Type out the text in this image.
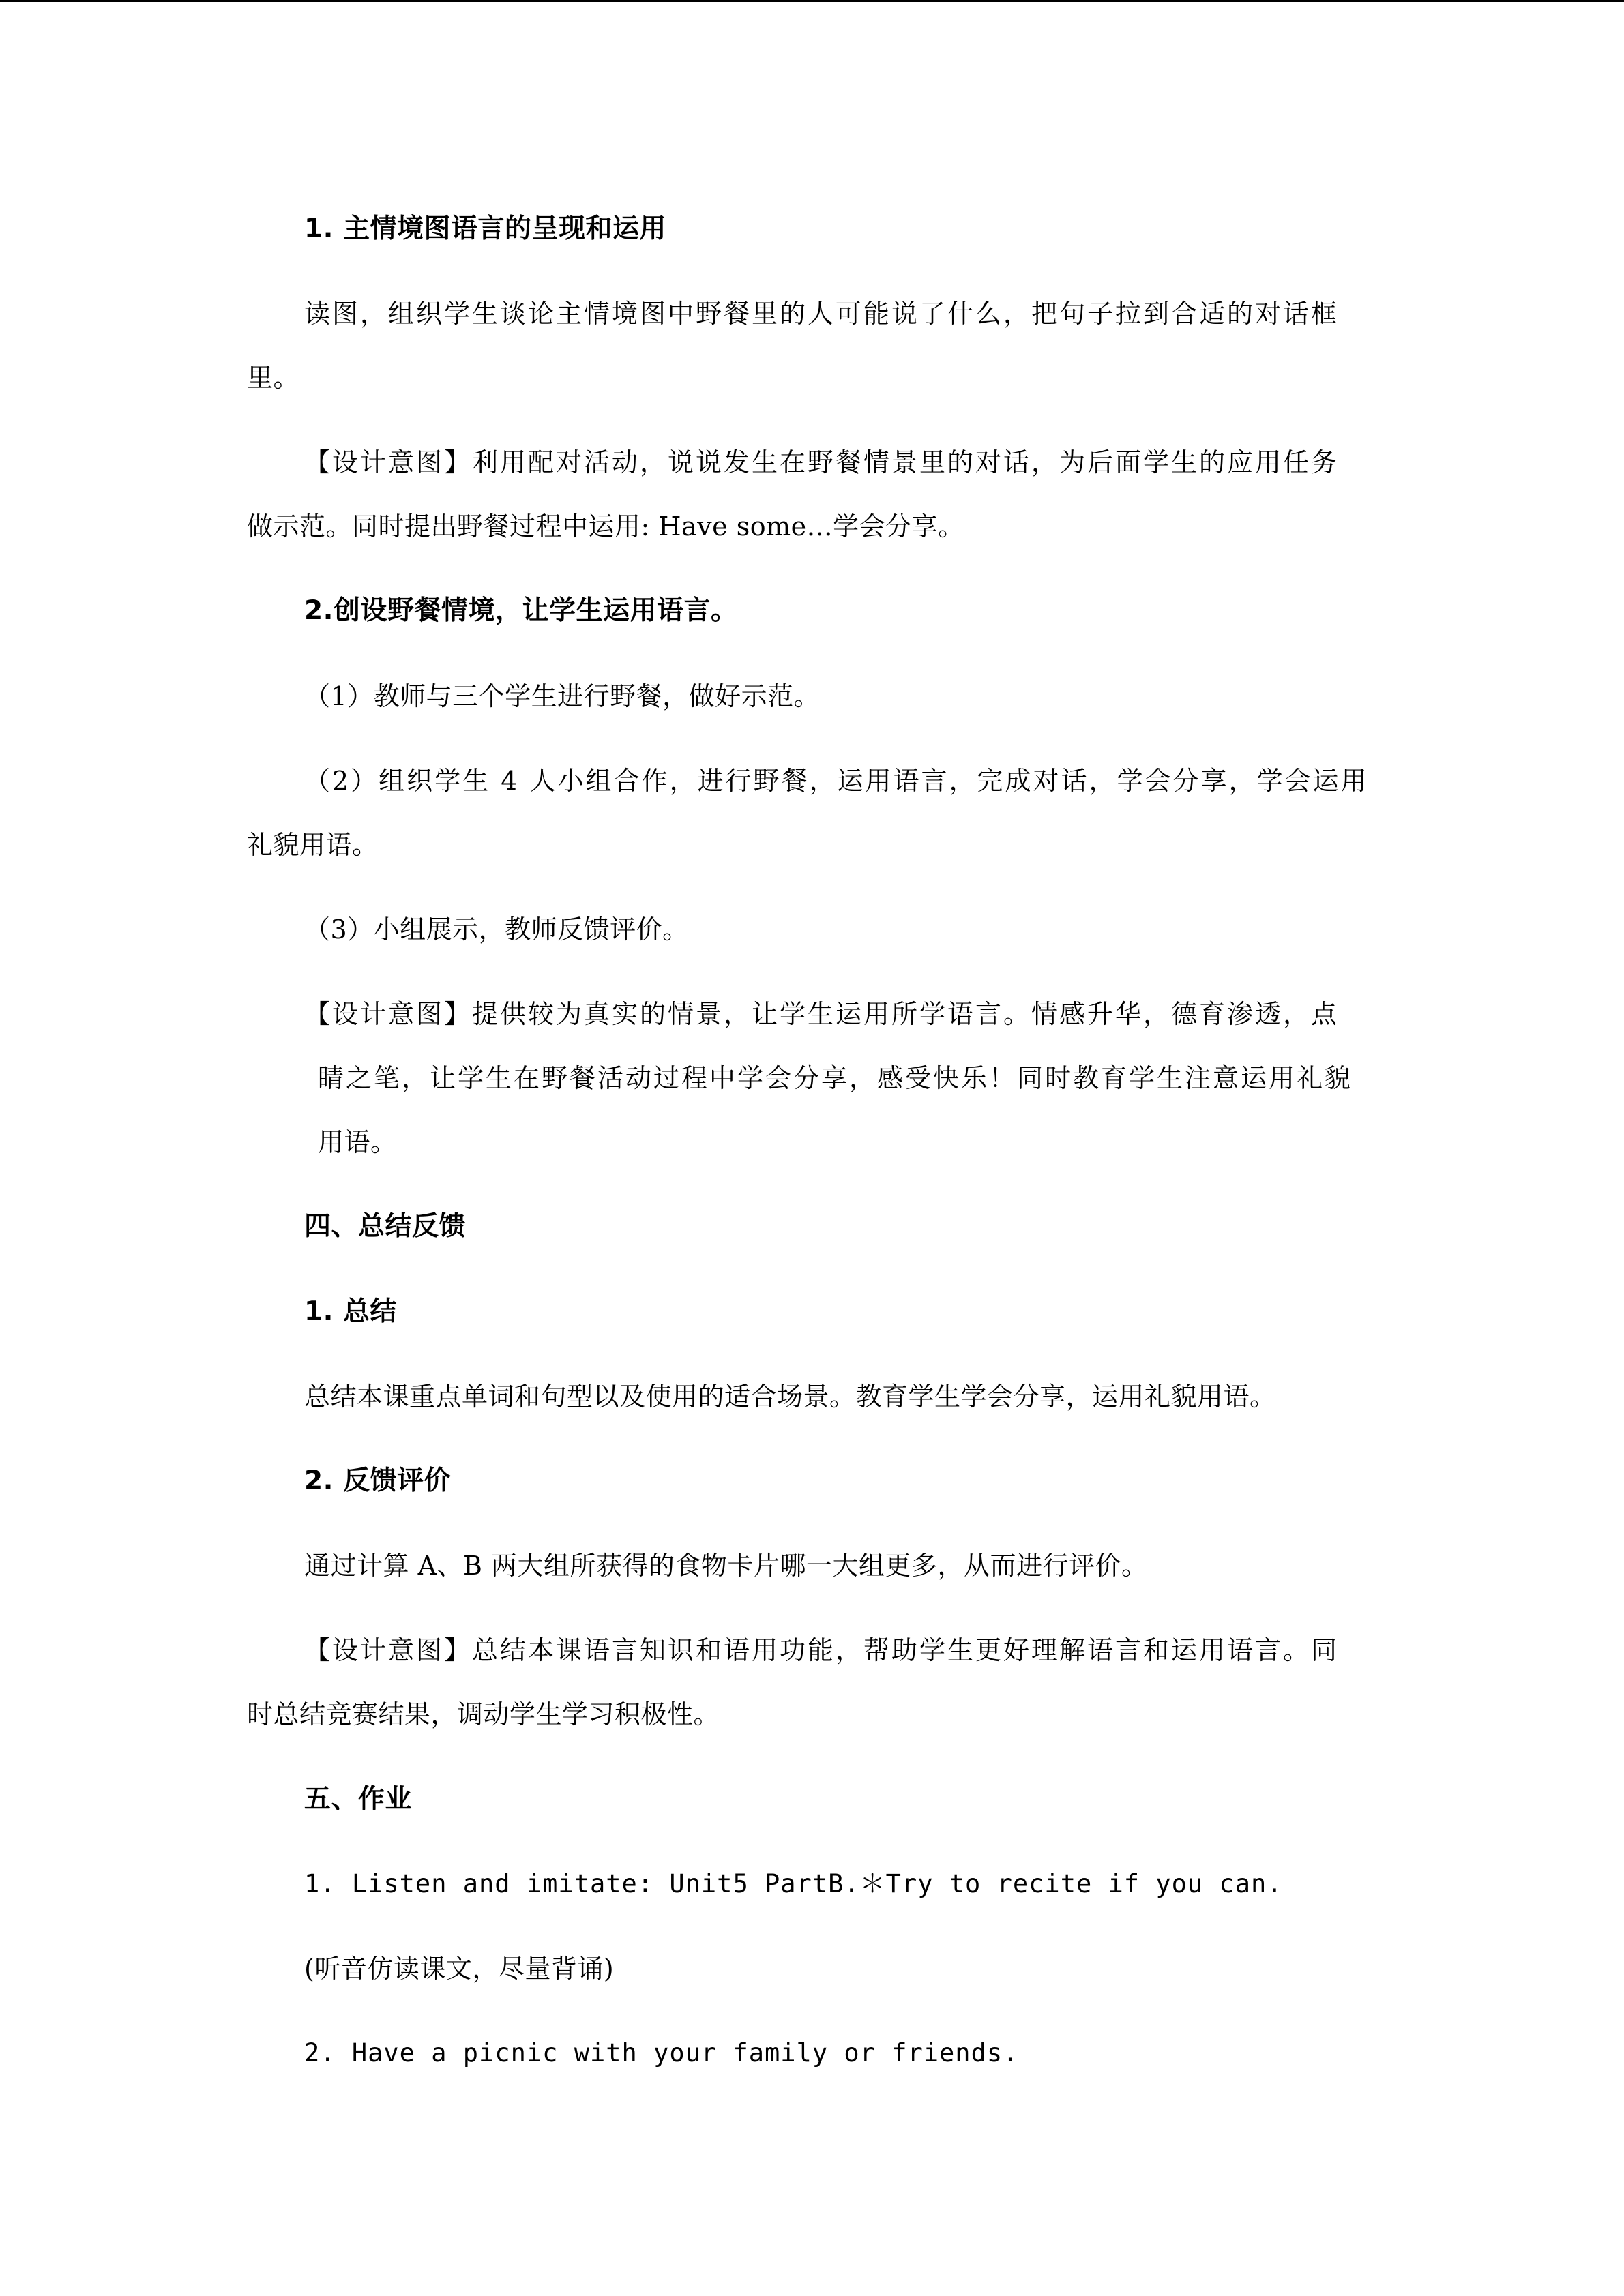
1. 主情境图语言的呈现和运用
读图，组织学生谈论主情境图中野餐里的人可能说了什么，把句子拉到合适的对话框
里。
【设计意图】利用配对活动，说说发生在野餐情景里的对话，为后面学生的应用任务
做示范。同时提出野餐过程中运用: Have some…学会分享。
2.创设野餐情境，让学生运用语言。
（1）教师与三个学生进行野餐，做好示范。
（2）组织学生 4 人小组合作，进行野餐，运用语言，完成对话，学会分享，学会运用
礼貌用语。
（3）小组展示，教师反馈评价。
【设计意图】提供较为真实的情景，让学生运用所学语言。情感升华，德育渗透，点
睛之笔，让学生在野餐活动过程中学会分享，感受快乐！同时教育学生注意运用礼貌
用语。
四、总结反馈
1. 总结
总结本课重点单词和句型以及使用的适合场景。教育学生学会分享，运用礼貌用语。
2. 反馈评价
通过计算 A、B 两大组所获得的食物卡片哪一大组更多，从而进行评价。
【设计意图】总结本课语言知识和语用功能，帮助学生更好理解语言和运用语言。同
时总结竞赛结果，调动学生学习积极性。
五、作业
1. Listen and imitate: Unit5 PartB.＊Try to recite if you can.
(听音仿读课文，尽量背诵)
2. Have a picnic with your family or friends.
